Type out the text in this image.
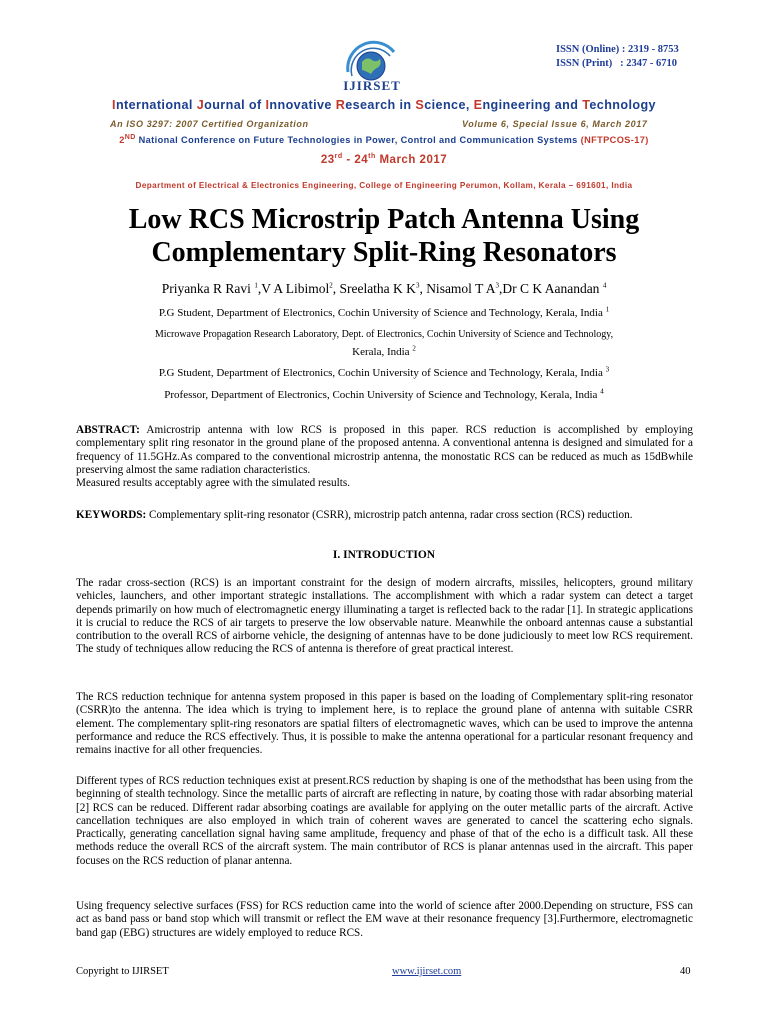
IJIRSET
ISSN (Online) : 2319 - 8753
ISSN (Print)   : 2347 - 6710
International Journal of Innovative Research in Science, Engineering and Technology
An ISO 3297: 2007 Certified Organization	Volume 6, Special Issue 6, March 2017
2ND National Conference on Future Technologies in Power, Control and Communication Systems (NFTPCOS-17)
23rd - 24th March 2017
Department of Electrical & Electronics Engineering, College of Engineering Perumon, Kollam, Kerala – 691601, India
Low RCS Microstrip Patch Antenna Using
Complementary Split-Ring Resonators
Priyanka R Ravi $^1$,V A Libimol$^2$, Sreelatha K $K^3$, Nisamol T $A^3,Dr$ C K Aanandan $^4$
P.G Student, Department of Electronics, Cochin University of Science and Technology, Kerala, India $^1$
Microwave Propagation Research Laboratory, Dept. of Electronics, Cochin University of Science and Technology,
Kerala, India $^2$
P.G Student, Department of Electronics, Cochin University of Science and Technology, Kerala, India $^3$
Professor, Department of Electronics, Cochin University of Science and Technology, Kerala, India $^4$
ABSTRACT: Amicrostrip antenna with low RCS is proposed in this paper. RCS reduction is accomplished by employing complementary split ring resonator in the ground plane of the proposed antenna. A conventional antenna is designed and simulated for a frequency of 11.5GHz.As compared to the conventional microstrip antenna, the monostatic RCS can be reduced as much as 15dBwhile preserving almost the same radiation characteristics.
Measured results acceptably agree with the simulated results.
KEYWORDS: Complementary split-ring resonator (CSRR), microstrip patch antenna, radar cross section (RCS) reduction.
I. INTRODUCTION
The radar cross-section (RCS) is an important constraint for the design of modern aircrafts, missiles, helicopters, ground military vehicles, launchers, and other important strategic installations. The accomplishment with which a radar system can detect a target depends primarily on how much of electromagnetic energy illuminating a target is reflected back to the radar [1]. In strategic applications it is crucial to reduce the RCS of air targets to preserve the low observable nature. Meanwhile the onboard antennas cause a substantial contribution to the overall RCS of airborne vehicle, the designing of antennas have to be done judiciously to meet low RCS requirement. The study of techniques allow reducing the RCS of antenna is therefore of great practical interest.
The RCS reduction technique for antenna system proposed in this paper is based on the loading of Complementary split-ring resonator (CSRR)to the antenna. The idea which is trying to implement here, is to replace the ground plane of antenna with suitable CSRR element. The complementary split-ring resonators are spatial filters of electromagnetic waves, which can be used to improve the antenna performance and reduce the RCS effectively. Thus, it is possible to make the antenna operational for a particular resonant frequency and remains inactive for all other frequencies.
Different types of RCS reduction techniques exist at present.RCS reduction by shaping is one of the methodsthat has been using from the beginning of stealth technology. Since the metallic parts of aircraft are reflecting in nature, by coating those with radar absorbing material [2] RCS can be reduced. Different radar absorbing coatings are available for applying on the outer metallic parts of the aircraft. Active cancellation techniques are also employed in which train of coherent waves are generated to cancel the scattering echo signals. Practically, generating cancellation signal having same amplitude, frequency and phase of that of the echo is a difficult task. All these methods reduce the overall RCS of the aircraft system. The main contributor of RCS is planar antennas used in the aircraft. This paper focuses on the RCS reduction of planar antenna.
Using frequency selective surfaces (FSS) for RCS reduction came into the world of science after 2000.Depending on structure, FSS can act as band pass or band stop which will transmit or reflect the EM wave at their resonance frequency [3].Furthermore, electromagnetic band gap (EBG) structures are widely employed to reduce RCS.
Copyright to IJIRSET	www.ijirset.com	40
